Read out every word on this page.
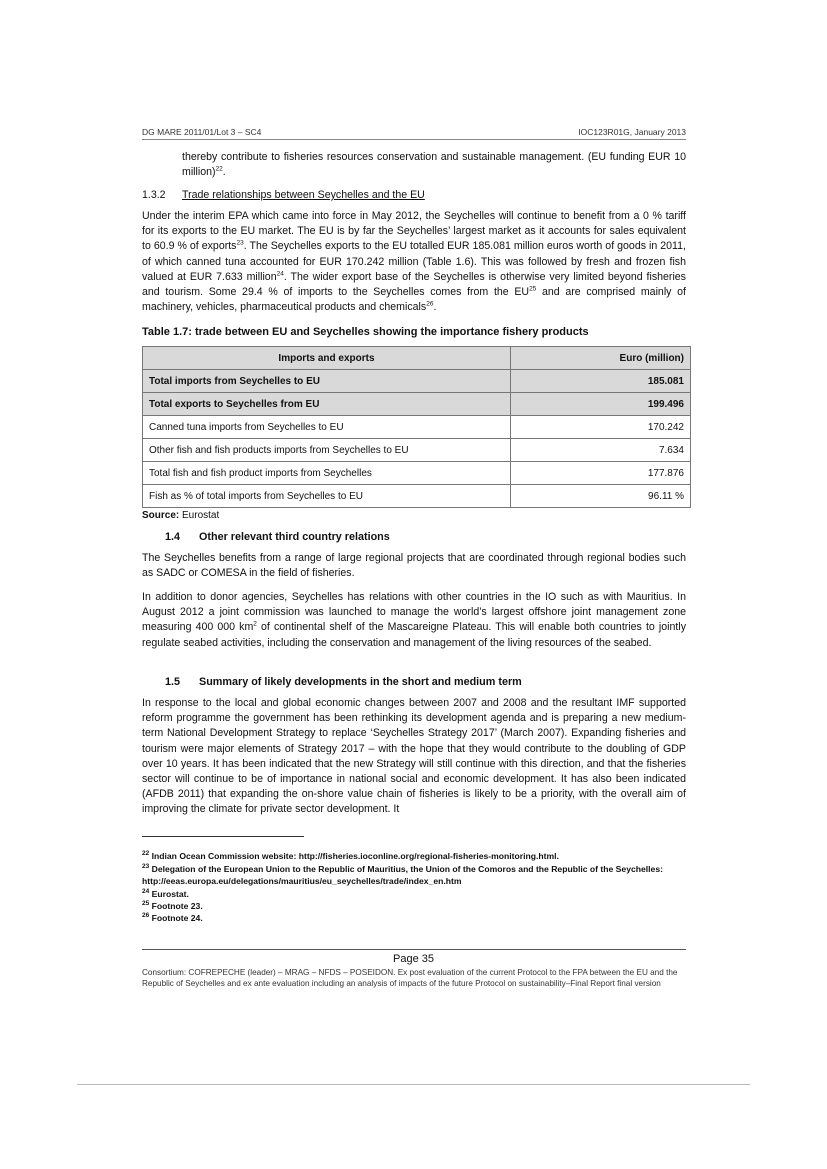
DG MARE 2011/01/Lot 3 – SC4	IOC123R01G, January 2013
thereby contribute to fisheries resources conservation and sustainable management. (EU funding EUR 10 million)$^{22}$.
1.3.2 Trade relationships between Seychelles and the EU
Under the interim EPA which came into force in May 2012, the Seychelles will continue to benefit from a 0 % tariff for its exports to the EU market. The EU is by far the Seychelles’ largest market as it accounts for sales equivalent to 60.9 % of exports$^{23}$. The Seychelles exports to the EU totalled EUR 185.081 million euros worth of goods in 2011, of which canned tuna accounted for EUR 170.242 million (Table 1.6). This was followed by fresh and frozen fish valued at EUR 7.633 million$^{24}$. The wider export base of the Seychelles is otherwise very limited beyond fisheries and tourism. Some 29.4 % of imports to the Seychelles comes from the EU$^{25}$ and are comprised mainly of machinery, vehicles, pharmaceutical products and chemicals$^{26}$.
Table 1.7: trade between EU and Seychelles showing the importance fishery products
Imports and exports	Euro (million)
Total imports from Seychelles to EU	185.081
Total exports to Seychelles from EU	199.496
Canned tuna imports from Seychelles to EU	170.242
Other fish and fish products imports from Seychelles to EU	7.634
Total fish and fish product imports from Seychelles	177.876
Fish as % of total imports from Seychelles to EU	96.11 %
Source: Eurostat
1.4 Other relevant third country relations
The Seychelles benefits from a range of large regional projects that are coordinated through regional bodies such as SADC or COMESA in the field of fisheries.
In addition to donor agencies, Seychelles has relations with other countries in the IO such as with Mauritius. In August 2012 a joint commission was launched to manage the world’s largest offshore joint management zone measuring 400 000 $km^2$ of continental shelf of the Mascareigne Plateau. This will enable both countries to jointly regulate seabed activities, including the conservation and management of the living resources of the seabed.
1.5 Summary of likely developments in the short and medium term
In response to the local and global economic changes between 2007 and 2008 and the resultant IMF supported reform programme the government has been rethinking its development agenda and is preparing a new medium-term National Development Strategy to replace ‘Seychelles Strategy 2017’ (March 2007). Expanding fisheries and tourism were major elements of Strategy 2017 – with the hope that they would contribute to the doubling of GDP over 10 years. It has been indicated that the new Strategy will still continue with this direction, and that the fisheries sector will continue to be of importance in national social and economic development. It has also been indicated (AFDB 2011) that expanding the on-shore value chain of fisheries is likely to be a priority, with the overall aim of improving the climate for private sector development. It
$^{22}$ Indian Ocean Commission website: http://fisheries.ioconline.org/regional-fisheries-monitoring.html.
$^{23}$ Delegation of the European Union to the Republic of Mauritius, the Union of the Comoros and the Republic of the Seychelles: http://eeas.europa.eu/delegations/mauritius/eu_seychelles/trade/index_en.htm
$^{24}$ Eurostat.
$^{25}$ Footnote 23.
$^{26}$ Footnote 24.
Page 35
Consortium: COFREPECHE (leader) – MRAG – NFDS – POSEIDON. Ex post evaluation of the current Protocol to the FPA between the EU and the Republic of Seychelles and ex ante evaluation including an analysis of impacts of the future Protocol on sustainability–Final Report final version
